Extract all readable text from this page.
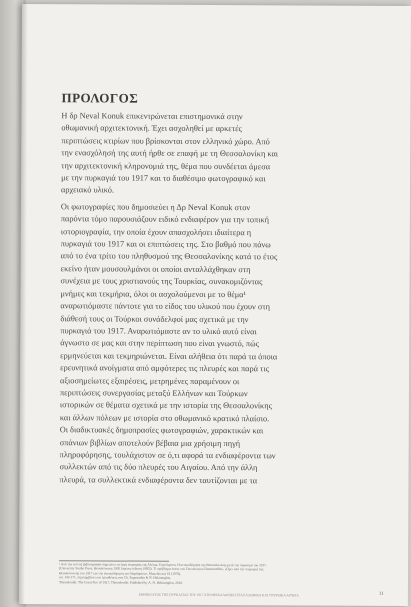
ΠΡΟΛΟΓΟΣ

Η δρ Neval Konuk επικεντρώνεται επιστημονικά στην
οθωμανική αρχιτεκτονική. Έχει ασχοληθεί με αρκετές
περιπτώσεις κτιρίων που βρίσκονται στον ελληνικό χώρο. Από
την ενασχόλησή της αυτή ήρθε σε επαφή με τη Θεσσαλονίκη και
την αρχιτεκτονική κληρονομιά της, θέμα που συνδέεται άμεσα
με την πυρκαγιά του 1917 και το διαθέσιμο φωτογραφικό και
αρχειακό υλικό.

Οι φωτογραφίες που δημοσιεύει η Δρ Neval Konuk στον
παρόντα τόμο παρουσιάζουν ειδικό ενδιαφέρον για την τοπική
ιστοριογραφία, την οποία έχουν απασχολήσει ιδιαίτερα η
πυρκαγιά του 1917 και οι επιπτώσεις της. Στο βαθμό που πάνω
από το ένα τρίτο του πληθυσμού της Θεσσαλονίκης κατά το έτος
εκείνο ήταν μουσουλμάνοι οι οποίοι ανταλλάχθηκαν στη
συνέχεια με τους χριστιανούς της Τουρκίας, συνακομιζόντας
μνήμες και τεκμήρια, όλοι οι ασχολούμενοι με το θέμα¹
αναρωτιόμαστε πάντοτε για το είδος του υλικού που έχουν στη
διάθεσή τους οι Τούρκοι συνάδελφοί μας σχετικά με την
πυρκαγιά του 1917. Αναρωτιόμαστε αν το υλικό αυτό είναι
άγνωστο σε μας και στην περίπτωση που είναι γνωστό, πώς
ερμηνεύεται και τεκμηριώνεται. Είναι αλήθεια ότι παρά τα όποια
ερευνητικά ανοίγματα από αμφότερες τις πλευρές και παρά τις
αξιοσημείωτες εξαιρέσεις, μετρημένες παραμένουν οι
περιπτώσεις συνεργασίας μεταξύ Ελλήνων και Τούρκων
ιστορικών σε θέματα σχετικά με την ιστορία της Θεσσαλονίκης
και άλλων πόλεων με ιστορία στο οθωμανικό κρατικό πλαίσιο.
Οι διαδικτυακές δημοπρασίες φωτογραφιών, χαρακτικών και
σπάνιων βιβλίων αποτελούν βέβαια μια χρήσιμη πηγή
πληροφόρησης, τουλάχιστον σε ό,τι αφορά τα ενδιαφέροντα των
συλλεκτών από τις δύο πλευρές του Αιγαίου. Από την άλλη
πλευρά, τα συλλεκτικά ενδιαφέροντα δεν ταυτίζονται με τα

¹ Από την εκτενή βιβλιογραφία σημειώνω τα έργα αναφοράς της Αλέκας Γερολύμπου, Η ανοικοδόμηση της Θεσσαλονίκης μετά την πυρκαγιά του 1917,
(University Studio Press, Θεσσαλονίκη 1995 [πρώτη έκδοση 1985]). Τί πρόβλημα έκατε του Γιαννάκηνου Παπασταθίου, «Πριν από την πυρκαγιά της
Θεσσαλονίκης στο 1917 και την ανοικοδόμηση των Βαρδαρίου», Μακεδονικά 18 (1978),
σσ. 143-171, περιλαμβάνει και προσθέσεις στα Ch. Papastathis & N. Hekimoglou,
Thessaloniki: The Great Fire of 1917, Thessaloniki: Published by A. N. Hekimoglou, 2010.
ΕΘΝΙΚΟ ΕΤΟΣ ΤΗΣ ΠΥΡΚΑΓΙΑΣ ΤΟΥ 1917 ΣΤΗ ΘΕΣΣΑΛΟΝΙΚΗ ΣΤΑ ΕΛΛΗΝΙΚΑ ΚΑΙ ΤΟΥΡΚΙΚΑ ΑΡΧΕΙΑ	11
